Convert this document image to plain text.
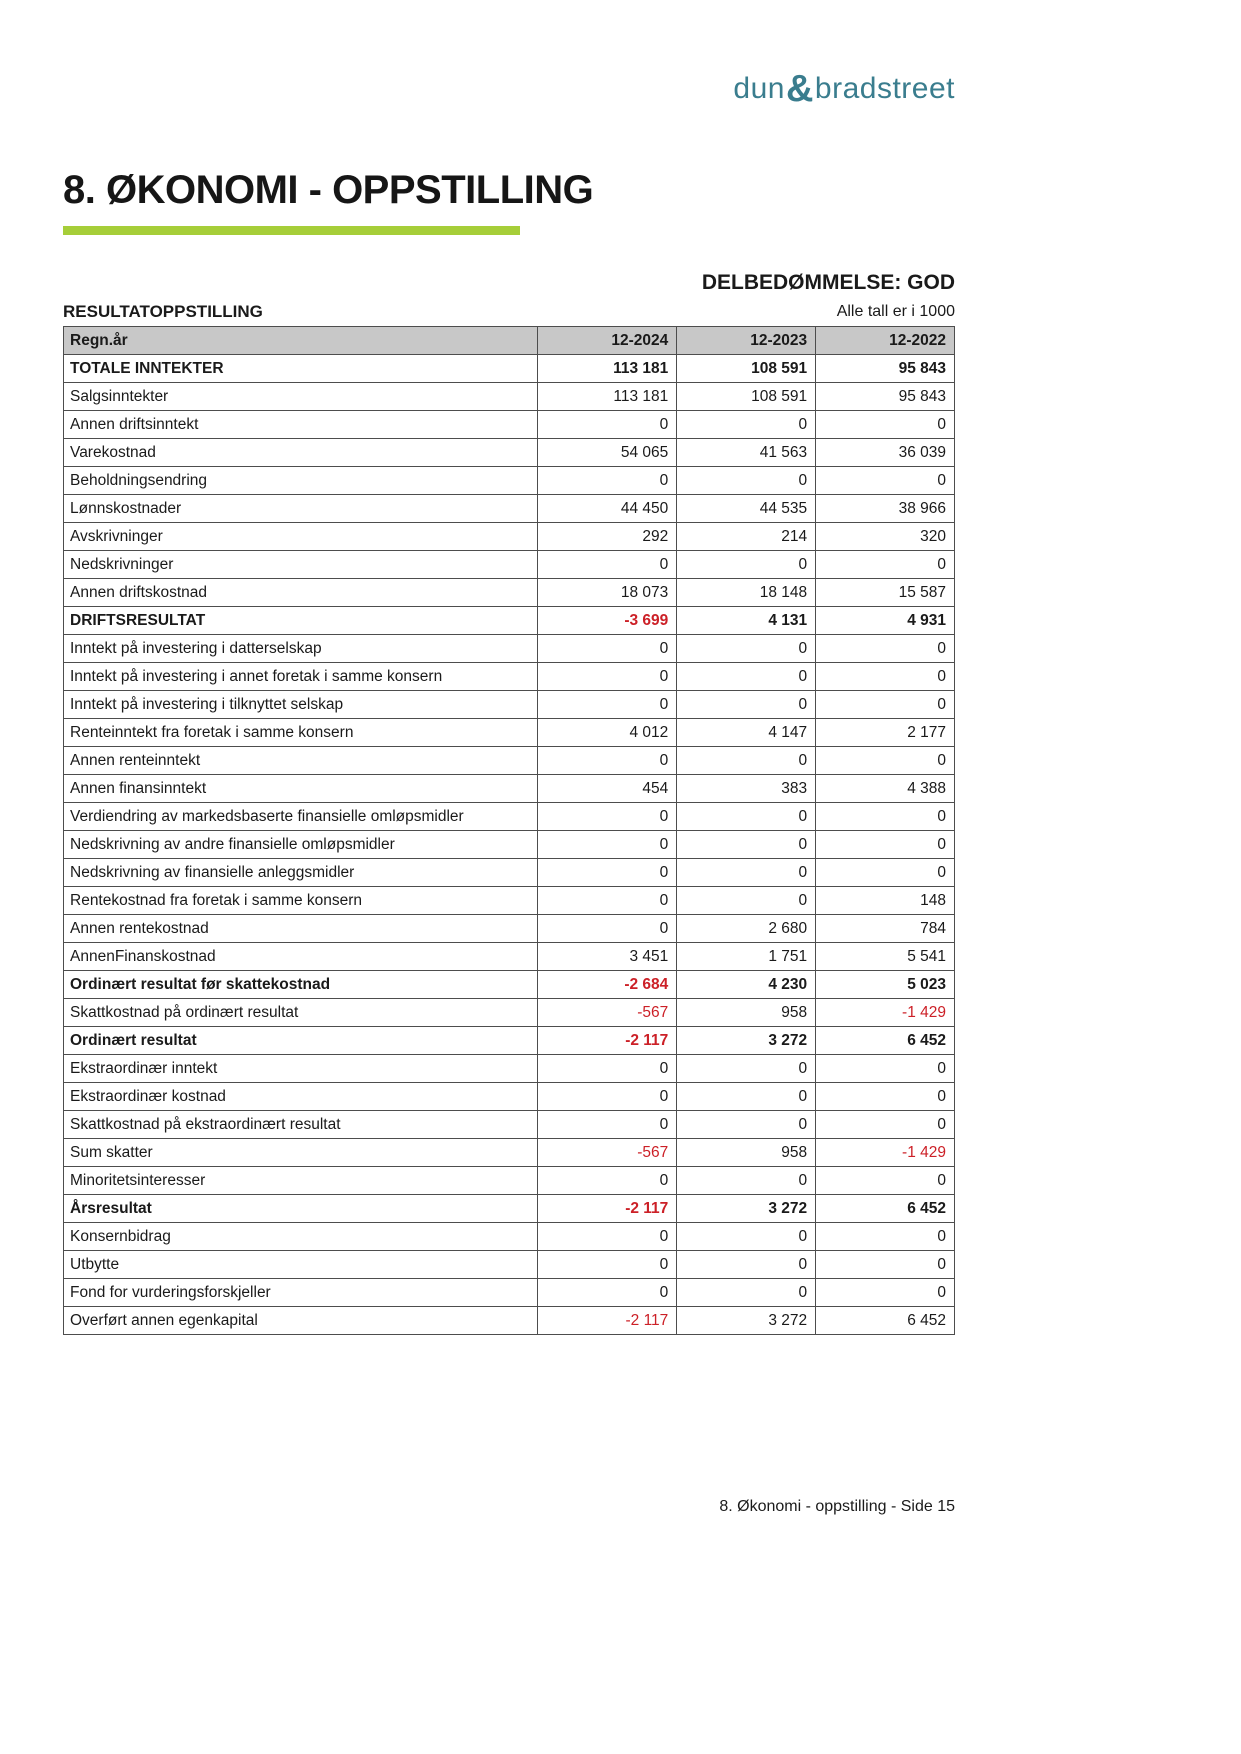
dun&bradstreet
8. ØKONOMI - OPPSTILLING
DELBEDØMMELSE: GOD
RESULTATOPPSTILLING	Alle tall er i 1000
Regn.år	12-2024	12-2023	12-2022
TOTALE INNTEKTER	113 181	108 591	95 843
Salgsinntekter	113 181	108 591	95 843
Annen driftsinntekt	0	0	0
Varekostnad	54 065	41 563	36 039
Beholdningsendring	0	0	0
Lønnskostnader	44 450	44 535	38 966
Avskrivninger	292	214	320
Nedskrivninger	0	0	0
Annen driftskostnad	18 073	18 148	15 587
DRIFTSRESULTAT	-3 699	4 131	4 931
Inntekt på investering i datterselskap	0	0	0
Inntekt på investering i annet foretak i samme konsern	0	0	0
Inntekt på investering i tilknyttet selskap	0	0	0
Renteinntekt fra foretak i samme konsern	4 012	4 147	2 177
Annen renteinntekt	0	0	0
Annen finansinntekt	454	383	4 388
Verdiendring av markedsbaserte finansielle omløpsmidler	0	0	0
Nedskrivning av andre finansielle omløpsmidler	0	0	0
Nedskrivning av finansielle anleggsmidler	0	0	0
Rentekostnad fra foretak i samme konsern	0	0	148
Annen rentekostnad	0	2 680	784
AnnenFinanskostnad	3 451	1 751	5 541
Ordinært resultat før skattekostnad	-2 684	4 230	5 023
Skattkostnad på ordinært resultat	-567	958	-1 429
Ordinært resultat	-2 117	3 272	6 452
Ekstraordinær inntekt	0	0	0
Ekstraordinær kostnad	0	0	0
Skattkostnad på ekstraordinært resultat	0	0	0
Sum skatter	-567	958	-1 429
Minoritetsinteresser	0	0	0
Årsresultat	-2 117	3 272	6 452
Konsernbidrag	0	0	0
Utbytte	0	0	0
Fond for vurderingsforskjeller	0	0	0
Overført annen egenkapital	-2 117	3 272	6 452
8. Økonomi - oppstilling - Side 15
